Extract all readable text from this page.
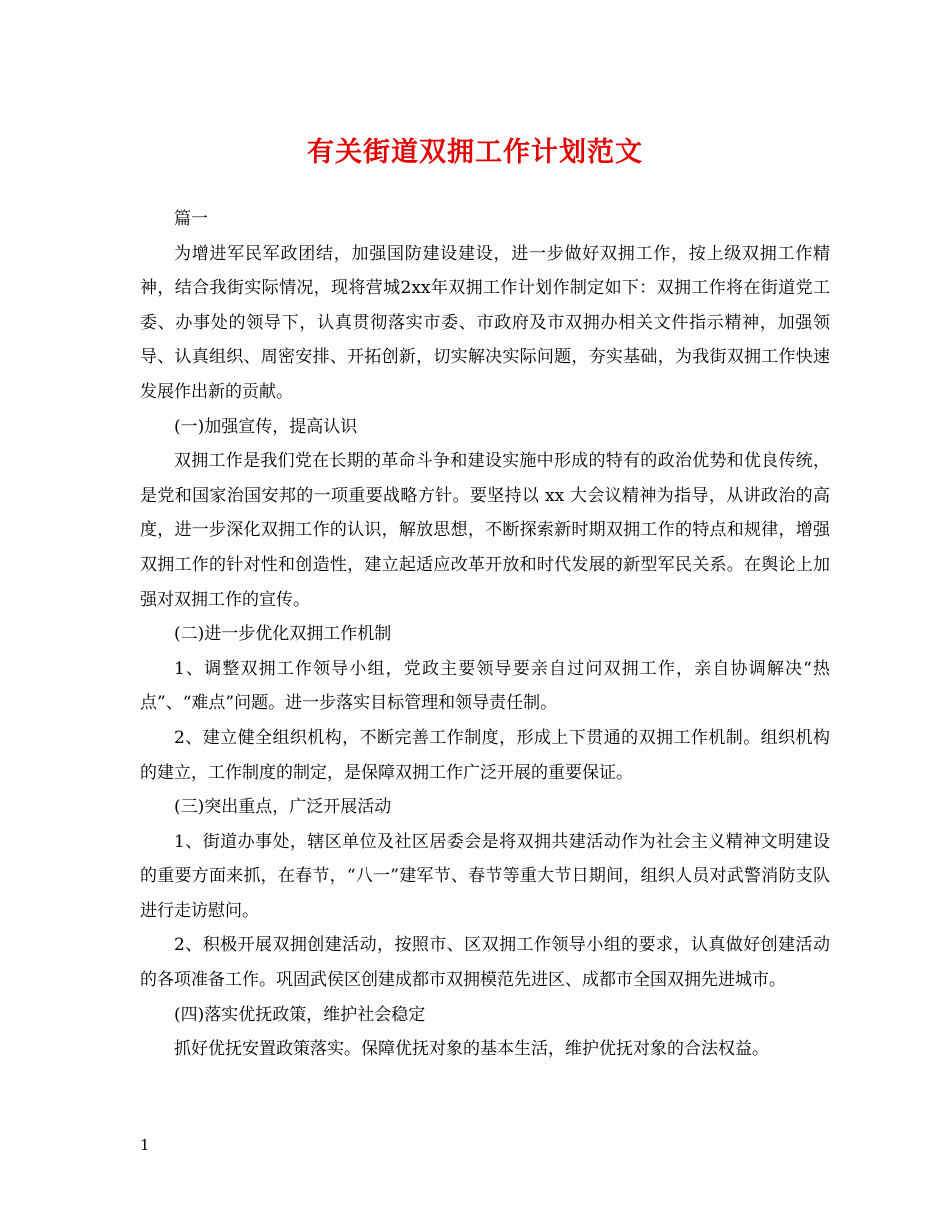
有关街道双拥工作计划范文

篇一

为增进军民军政团结，加强国防建设建设，进一步做好双拥工作，按上级双拥工作精神，结合我街实际情况，现将营城2xx年双拥工作计划作制定如下：双拥工作将在街道党工委、办事处的领导下，认真贯彻落实市委、市政府及市双拥办相关文件指示精神，加强领导、认真组织、周密安排、开拓创新，切实解决实际问题，夯实基础，为我街双拥工作快速发展作出新的贡献。

(一)加强宣传，提高认识

双拥工作是我们党在长期的革命斗争和建设实施中形成的特有的政治优势和优良传统，是党和国家治国安邦的一项重要战略方针。要坚持以 xx 大会议精神为指导，从讲政治的高度，进一步深化双拥工作的认识，解放思想，不断探索新时期双拥工作的特点和规律，增强双拥工作的针对性和创造性，建立起适应改革开放和时代发展的新型军民关系。在舆论上加强对双拥工作的宣传。

(二)进一步优化双拥工作机制

1、调整双拥工作领导小组，党政主要领导要亲自过问双拥工作，亲自协调解决“热点”、“难点”问题。进一步落实目标管理和领导责任制。

2、建立健全组织机构，不断完善工作制度，形成上下贯通的双拥工作机制。组织机构的建立，工作制度的制定，是保障双拥工作广泛开展的重要保证。

(三)突出重点，广泛开展活动

1、街道办事处，辖区单位及社区居委会是将双拥共建活动作为社会主义精神文明建设的重要方面来抓，在春节，“八一”建军节、春节等重大节日期间，组织人员对武警消防支队进行走访慰问。

2、积极开展双拥创建活动，按照市、区双拥工作领导小组的要求，认真做好创建活动的各项准备工作。巩固武侯区创建成都市双拥模范先进区、成都市全国双拥先进城市。

(四)落实优抚政策，维护社会稳定

抓好优抚安置政策落实。保障优抚对象的基本生活，维护优抚对象的合法权益。

1
